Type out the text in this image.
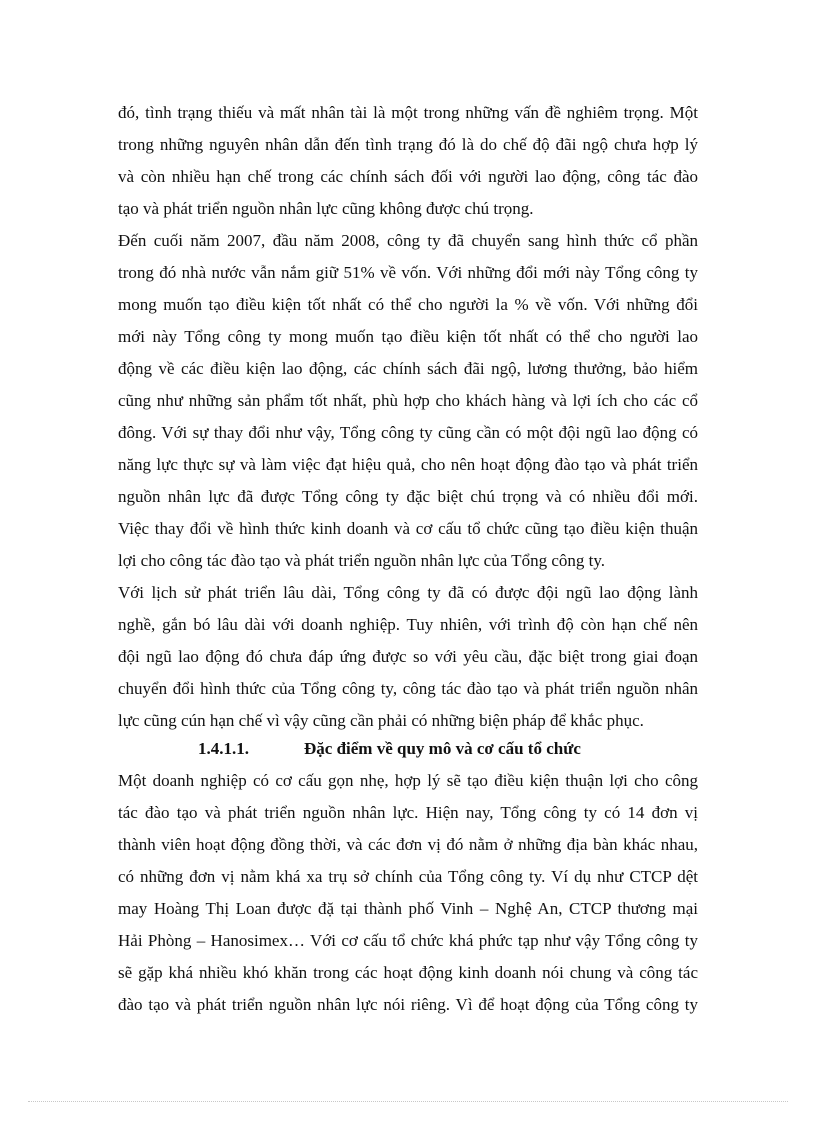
đó, tình trạng thiếu và mất nhân tài là một trong những vấn đề nghiêm trọng. Một
trong những nguyên nhân dẫn đến tình trạng đó là do chế độ đãi ngộ chưa hợp lý
và còn nhiều hạn chế trong các chính sách đối với người lao động, công tác đào
tạo và phát triển nguồn nhân lực cũng không được chú trọng.
Đến cuối năm 2007, đầu năm 2008, công ty đã chuyển sang hình thức cổ phần
trong đó nhà nước vẫn nắm giữ 51% về vốn. Với những đổi mới này Tổng công ty
mong muốn tạo điều kiện tốt nhất có thể cho người la % về vốn. Với những đổi
mới này Tổng công ty mong muốn tạo điều kiện tốt nhất có thể cho người lao
động về các điều kiện lao động, các chính sách đãi ngộ, lương thưởng, bảo hiểm
cũng như những sản phẩm tốt nhất, phù hợp cho khách hàng và lợi ích cho các cổ
đông. Với sự thay đổi như vậy, Tổng công ty cũng cần có một đội ngũ lao động có
năng lực thực sự và làm việc đạt hiệu quả, cho nên hoạt động đào tạo và phát triển
nguồn nhân lực đã được Tổng công ty đặc biệt chú trọng và có nhiều đổi mới.
Việc thay đổi về hình thức kinh doanh và cơ cấu tổ chức cũng tạo điều kiện thuận
lợi cho công tác đào tạo và phát triển nguồn nhân lực của Tổng công ty.
Với lịch sử phát triển lâu dài, Tổng công ty đã có được đội ngũ lao động lành
nghề, gắn bó lâu dài với doanh nghiệp. Tuy nhiên, với trình độ còn hạn chế nên
đội ngũ lao động đó chưa đáp ứng được so với yêu cầu, đặc biệt trong giai đoạn
chuyển đổi hình thức của Tổng công ty, công tác đào tạo và phát triển nguồn nhân
lực cũng cún hạn chế vì vậy cũng cần phải có những biện pháp để khắc phục.
1.4.1.1.	Đặc điểm về quy mô và cơ cấu tổ chức
Một doanh nghiệp có cơ cấu gọn nhẹ, hợp lý sẽ tạo điều kiện thuận lợi cho công
tác đào tạo và phát triển nguồn nhân lực. Hiện nay, Tổng công ty có 14 đơn vị
thành viên hoạt động đồng thời, và các đơn vị đó nằm ở những địa bàn khác nhau,
có những đơn vị nằm khá xa trụ sở chính của Tổng công ty. Ví dụ như CTCP dệt
may Hoàng Thị Loan được đặ tại thành phố Vinh – Nghệ An, CTCP thương mại
Hải Phòng – Hanosimex… Với cơ cấu tổ chức khá phức tạp như vậy Tổng công ty
sẽ gặp khá nhiều khó khăn trong các hoạt động kinh doanh nói chung và công tác
đào tạo và phát triển nguồn nhân lực nói riêng. Vì để hoạt động của Tổng công ty
